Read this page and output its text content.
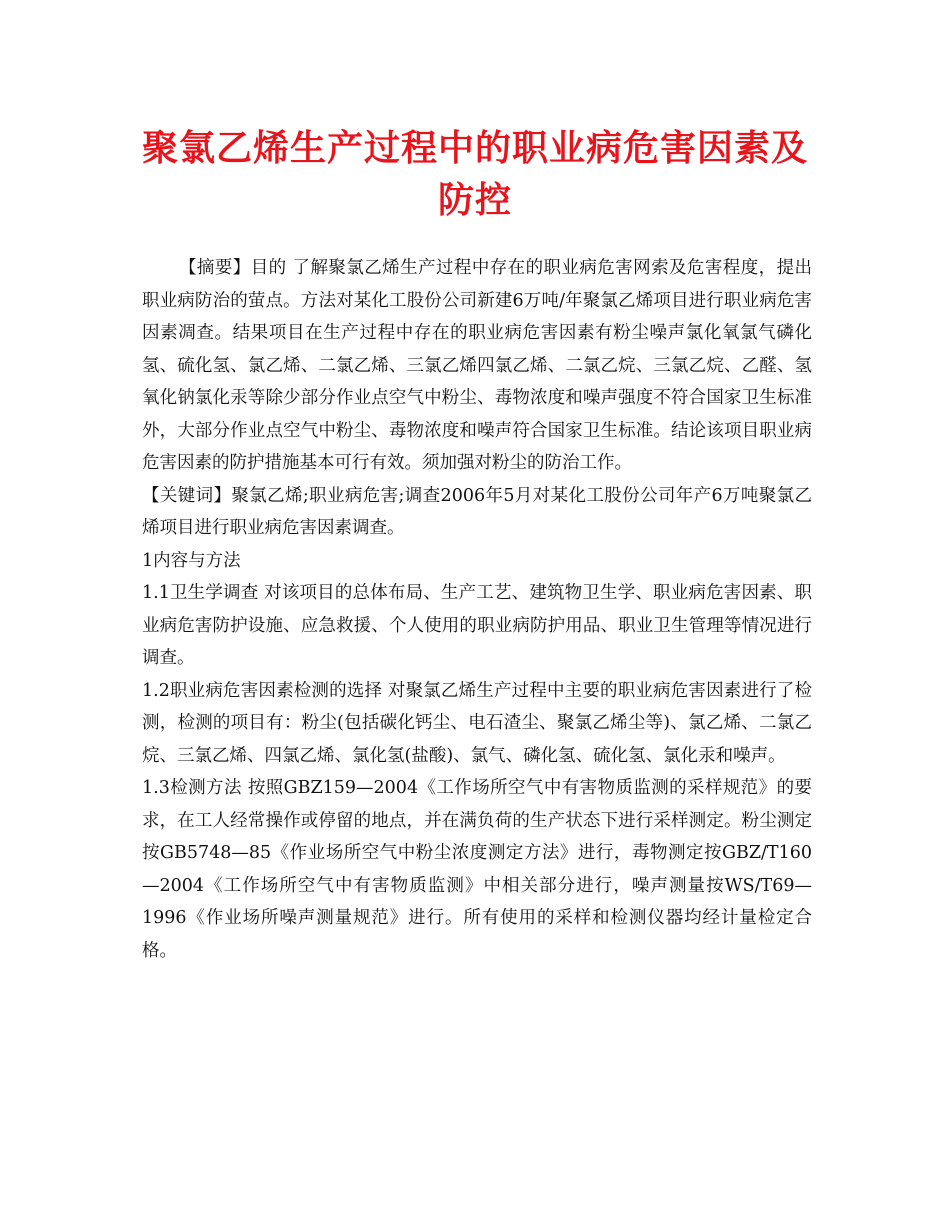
聚氯乙烯生产过程中的职业病危害因素及防控

【摘要】目的 了解聚氯乙烯生产过程中存在的职业病危害网索及危害程度，提出职业病防治的萤点。方法对某化工股份公司新建6万吨/年聚氯乙烯项目进行职业病危害因素凋查。结果项目在生产过程中存在的职业病危害因素有粉尘噪声氯化氧氯气磷化氢、硫化氢、氯乙烯、二氯乙烯、三氯乙烯四氯乙烯、二氯乙烷、三氯乙烷、乙醛、氢氧化钠氯化汞等除少部分作业点空气中粉尘、毒物浓度和噪声强度不符合国家卫生标准外，大部分作业点空气中粉尘、毒物浓度和噪声符合国家卫生标准。结论该项目职业病危害因素的防护措施基本可行有效。须加强对粉尘的防治工作。

【关键词】聚氯乙烯;职业病危害;调查2006年5月对某化工股份公司年产6万吨聚氯乙烯项目进行职业病危害因素调查。

1内容与方法

1.1卫生学调查 对该项目的总体布局、生产工艺、建筑物卫生学、职业病危害因素、职业病危害防护设施、应急救援、个人使用的职业病防护用品、职业卫生管理等情况进行调查。

1.2职业病危害因素检测的选择 对聚氯乙烯生产过程中主要的职业病危害因素进行了检测，检测的项目有：粉尘(包括碳化钙尘、电石渣尘、聚氯乙烯尘等)、氯乙烯、二氯乙烷、三氯乙烯、四氯乙烯、氯化氢(盐酸)、氯气、磷化氢、硫化氢、氯化汞和噪声。

1.3检测方法 按照GBZ159—2004《工作场所空气中有害物质监测的采样规范》的要求，在工人经常操作或停留的地点，并在满负荷的生产状态下进行采样测定。粉尘测定按GB5748—85《作业场所空气中粉尘浓度测定方法》进行，毒物测定按GBZ/T160—2004《工作场所空气中有害物质监测》中相关部分进行，噪声测量按WS/T69—1996《作业场所噪声测量规范》进行。所有使用的采样和检测仪器均经计量检定合格。
